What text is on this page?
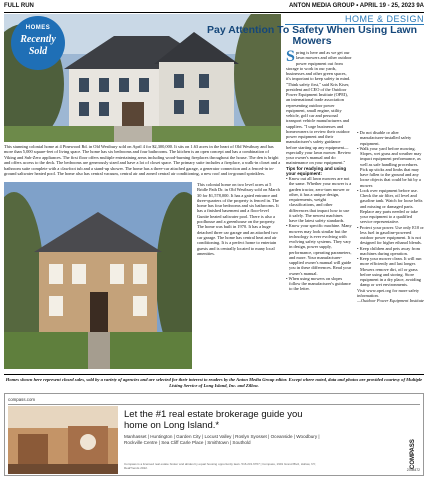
FULL RUN	ANTON MEDIA GROUP • APRIL 19 - 25, 2023 9A
HOMES
Recently
Sold
This stunning colonial home at 4 Pinewood Rd. in Old Westbury sold on April 4 for $2,300,000. It sits on 1.63 acres in the heart of Old Westbury and has more than 5,000 square-feet of living space. The home has six bedrooms and four bathrooms. The kitchen is an open concept and has a combination of Viking and Sub-Zero appliances. The first floor offers multiple entertaining areas including wood-burning fireplaces throughout the house. The den is bright and offers access to the deck. The bedrooms are generously sized and have a lot of closet space. The primary suite includes a fireplace, a walk-in closet and a bathroom suite complete with a clawfoot tub and a stand-up shower. The home has a three-car attached garage, a generator connection and a fenced-in in-ground saltwater heated pool. The home also has central vacuum, central air and zoned central air conditioning, a new roof and in-ground sprinklers.
This colonial home on two level acres at 5 Bridle Path Dr. in Old Westbury sold on March 30 for $1,578,000. It has a gated entrance and three-quarters of the property is fenced in. The home has four bedrooms and six bathrooms. It has a finished basement and a floor-level Gunite heated saltwater pool. There is also a poolhouse and a greenhouse on the property. The home was built in 1970. It has a huge detached three car garage and an attached two car garage. The home has central heat and air conditioning. It is a perfect home to entertain guests and is centrally located to many local amenities.
HOME & DESIGN
Pay Attention To Safety When Using Lawn Mowers
S pring is here and as we get our lawn mowers and other outdoor power equipment out from storage to work in our yards, businesses and other green spaces, it's important to keep safety in mind. "Think safety first," said Kris Kiser, president and CEO of the Outdoor Power Equipment Institute (OPEI), an international trade association representing outdoor power equipment, small engine, utility vehicle, golf car and personal transport vehicle manufacturers and suppliers. "I urge businesses and homeowners to review their outdoor power equipment and their manufacturer's safety guidance before starting up any equipment—especially your lawn mower. Review your owner's manual and do maintenance on your equipment."
Tips for readying and using your equipment:
• Know out all lawn mowers are not the same. Whether your mower is a garden tractor, zero-turn mower or other, it has a unique design, requirements, weight classifications, and other differences that impact how to use it safely. The newest machines have the latest safety standards.
• Know your specific machine. Many mowers may look similar but the technology is ever evolving with evolving safety systems. They vary in design, power supply, performance, operating parameters, and more. Your manufacturer-supplied owner's manual will guide you in these differences. Read your owner's manual.
• When using mowers on slopes follow the manufacturer's guidance to the letter.
• Do not disable or alter manufacturer-installed safety equipment.
• Walk your yard before mowing. Slopes, wet grass and weather may impact equipment performance, as well as safe handling procedures. Pick up sticks and limbs that may have fallen to the ground and any loose objects that could be hit by a mower.
• Look over equipment before use. Check the air filter, oil level and gasoline tank. Watch for loose belts and missing or damaged parts. Replace any parts needed or take your equipment to a qualified service representative.
• Protect your power. Use only E10 or less fuel in gasoline-powered outdoor power equipment. It is not designed for higher ethanol blends.
• Keep children and pets away from machines during operation.
• Keep your mower clean. It will run more efficiently and last longer. Mowers remove dirt, oil or grass before using and storing. Store equipment in a dry place, avoiding damp or wet environments.
Visit www.opei.org for more safety information.
—Outdoor Power Equipment Institute
Homes shown here represent closed sales, sold by a variety of agencies and are selected for their interest to readers by the Anton Media Group editor. Except where noted, data and photos are provided courtesy of Multiple Listing Service of Long Island, Inc. and Zillow.
compass.com
Let the #1 real estate brokerage guide you home on Long Island.*
Manhasset | Huntington | Garden City | Locust Valley | Roslyn Syosset | Oceanside | Woodbury | Rockville Centre | Sea Cliff Carle Place | Smithtown | Southold
Compass is a licensed real estate broker and abides by equal housing opportunity laws. 516.231.6767 | Compass, 1901 Grand Blvd, Hollow, NY, RealTrends 2022.	COMPASS
2398472
